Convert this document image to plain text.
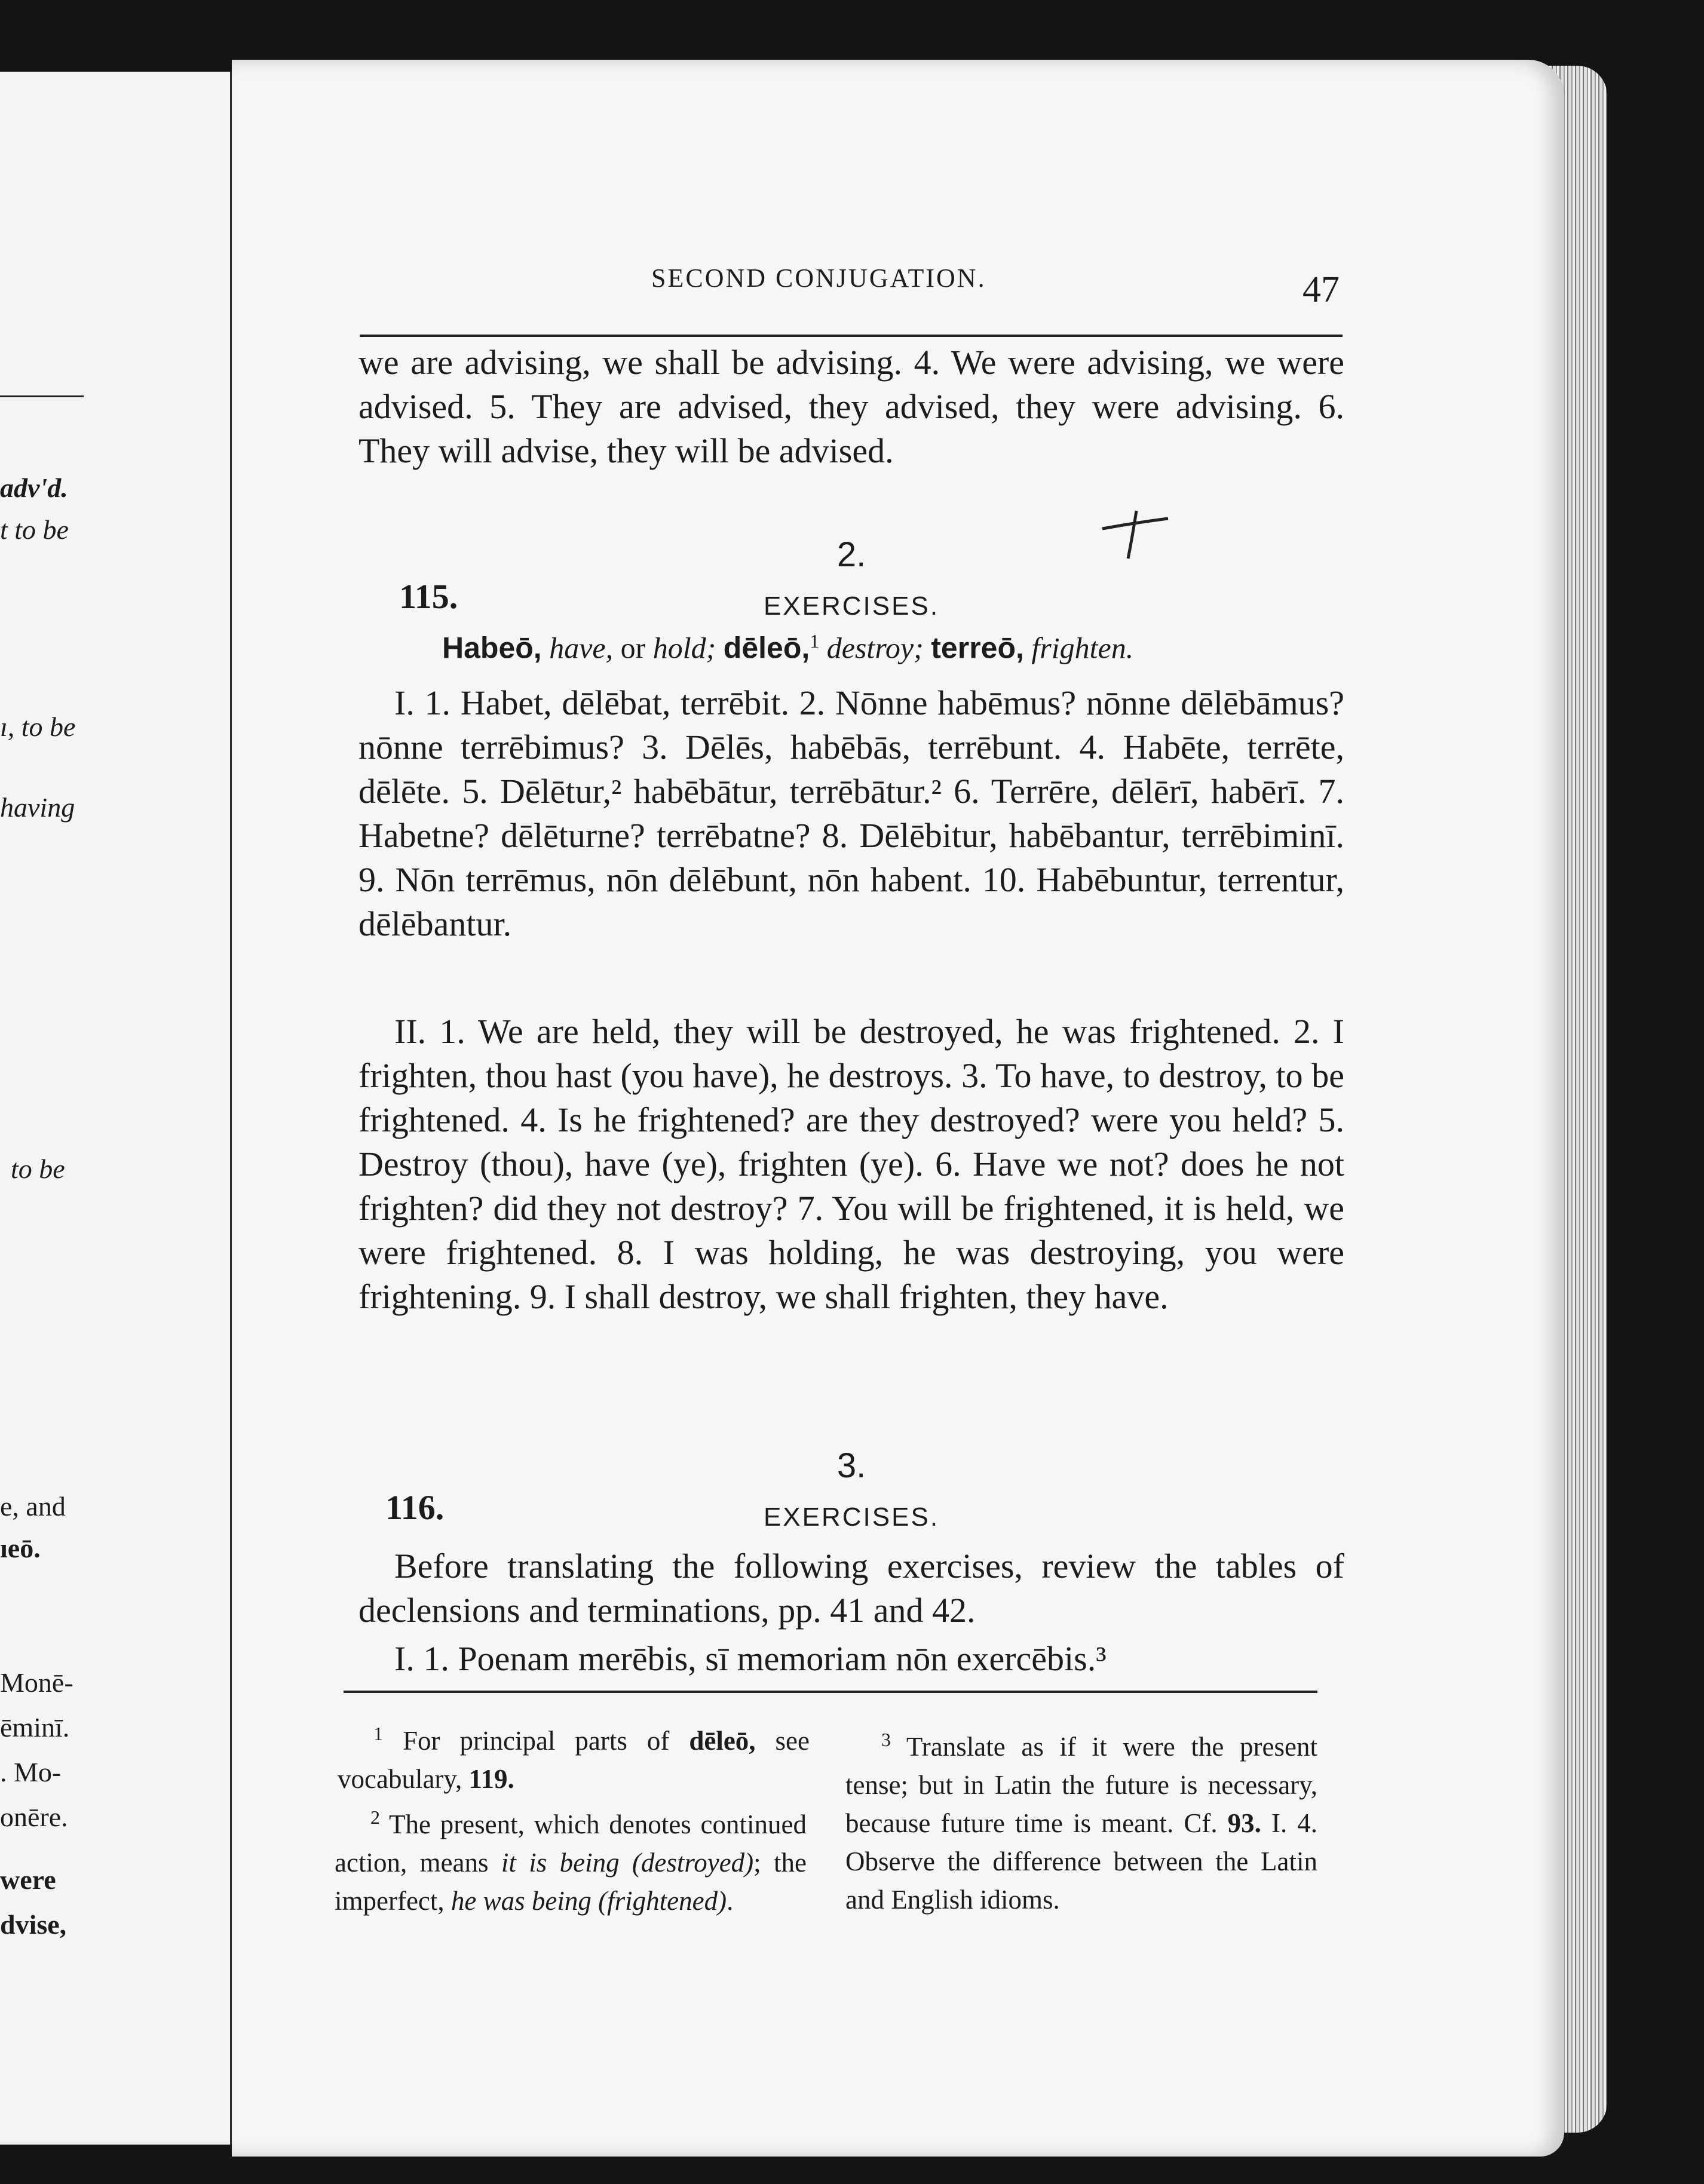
adv'd.
t to be
ı, to be
having
to be
e, and
ıeō.
Monē-
ēminī.
. Mo-
onēre.
were
dvise,
SECOND CONJUGATION.	47
we are advising, we shall be advising. 4. We were advising, we were advised. 5. They are advised, they advised, they were advising. 6. They will advise, they will be advised.
2.
115.	EXERCISES.
Habeō, have, or hold; dēleō,$^1$ destroy; terreō, frighten.
I. 1. Habet, dēlēbat, terrēbit. 2. Nōnne habēmus? nōnne dēlēbāmus? nōnne terrēbimus? 3. Dēlēs, habēbās, terrēbunt. 4. Habēte, terrēte, dēlēte. 5. Dēlētur,² habēbātur, terrēbātur.² 6. Terrēre, dēlērī, habērī. 7. Habetne? dēlēturne? terrēbatne? 8. Dēlēbitur, habēbantur, terrēbiminī. 9. Nōn terrēmus, nōn dēlēbunt, nōn habent. 10. Habēbuntur, terrentur, dēlēbantur.
II. 1. We are held, they will be destroyed, he was frightened. 2. I frighten, thou hast (you have), he destroys. 3. To have, to destroy, to be frightened. 4. Is he frightened? are they destroyed? were you held? 5. Destroy (thou), have (ye), frighten (ye). 6. Have we not? does he not frighten? did they not destroy? 7. You will be frightened, it is held, we were frightened. 8. I was holding, he was destroying, you were frightening. 9. I shall destroy, we shall frighten, they have.
3.
116.	EXERCISES.
Before translating the following exercises, review the tables of declensions and terminations, pp. 41 and 42.
I. 1. Poenam merēbis, sī memoriam nōn exercēbis.³
$^1$ For principal parts of dēleō, see vocabulary, 119.
$^2$ The present, which denotes continued action, means it is being (destroyed); the imperfect, he was being (frightened).
$^3$ Translate as if it were the present tense; but in Latin the future is necessary, because future time is meant. Cf. 93. I. 4. Observe the difference between the Latin and English idioms.
